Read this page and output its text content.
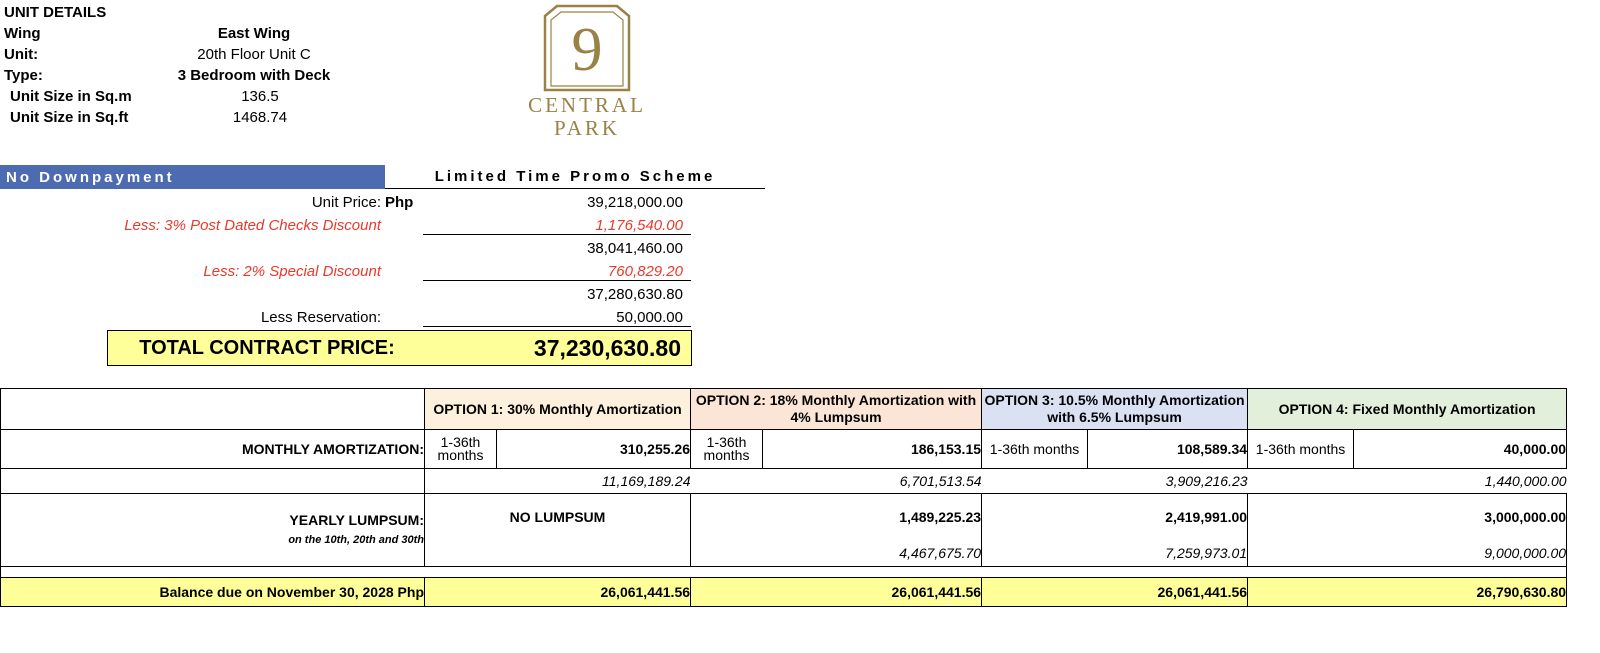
UNIT DETAILS
Wing	East Wing
Unit:	20th Floor Unit C
Type:	3 Bedroom with Deck
Unit Size in Sq.m	136.5
Unit Size in Sq.ft	1468.74
9
CENTRAL
PARK
No Downpayment	Limited Time Promo Scheme
Unit Price: Php	39,218,000.00
Less: 3% Post Dated Checks Discount	1,176,540.00
38,041,460.00
Less: 2% Special Discount	760,829.20
37,280,630.80
Less Reservation:	50,000.00
TOTAL CONTRACT PRICE:	37,230,630.80
	OPTION 1: 30% Monthly Amortization		OPTION 2: 18% Monthly Amortization with 4% Lumpsum		OPTION 3: 10.5% Monthly Amortization with 6.5% Lumpsum		OPTION 4: Fixed Monthly Amortization	
MONTHLY AMORTIZATION:	1-36th months	310,255.26	1-36th months	186,153.15	1-36th months	108,589.34	1-36th months	40,000.00
	11,169,189.24		6,701,513.54		3,909,216.23		1,440,000.00	

YEARLY LUMPSUM:
on the 10th, 20th and 30th	NO LUMPSUM		1,489,225.23		2,419,991.00		3,000,000.00	
			4,467,675.70		7,259,973.01		9,000,000.00	

Balance due on November 30, 2028 Php	26,061,441.56		26,061,441.56		26,061,441.56		26,790,630.80	
